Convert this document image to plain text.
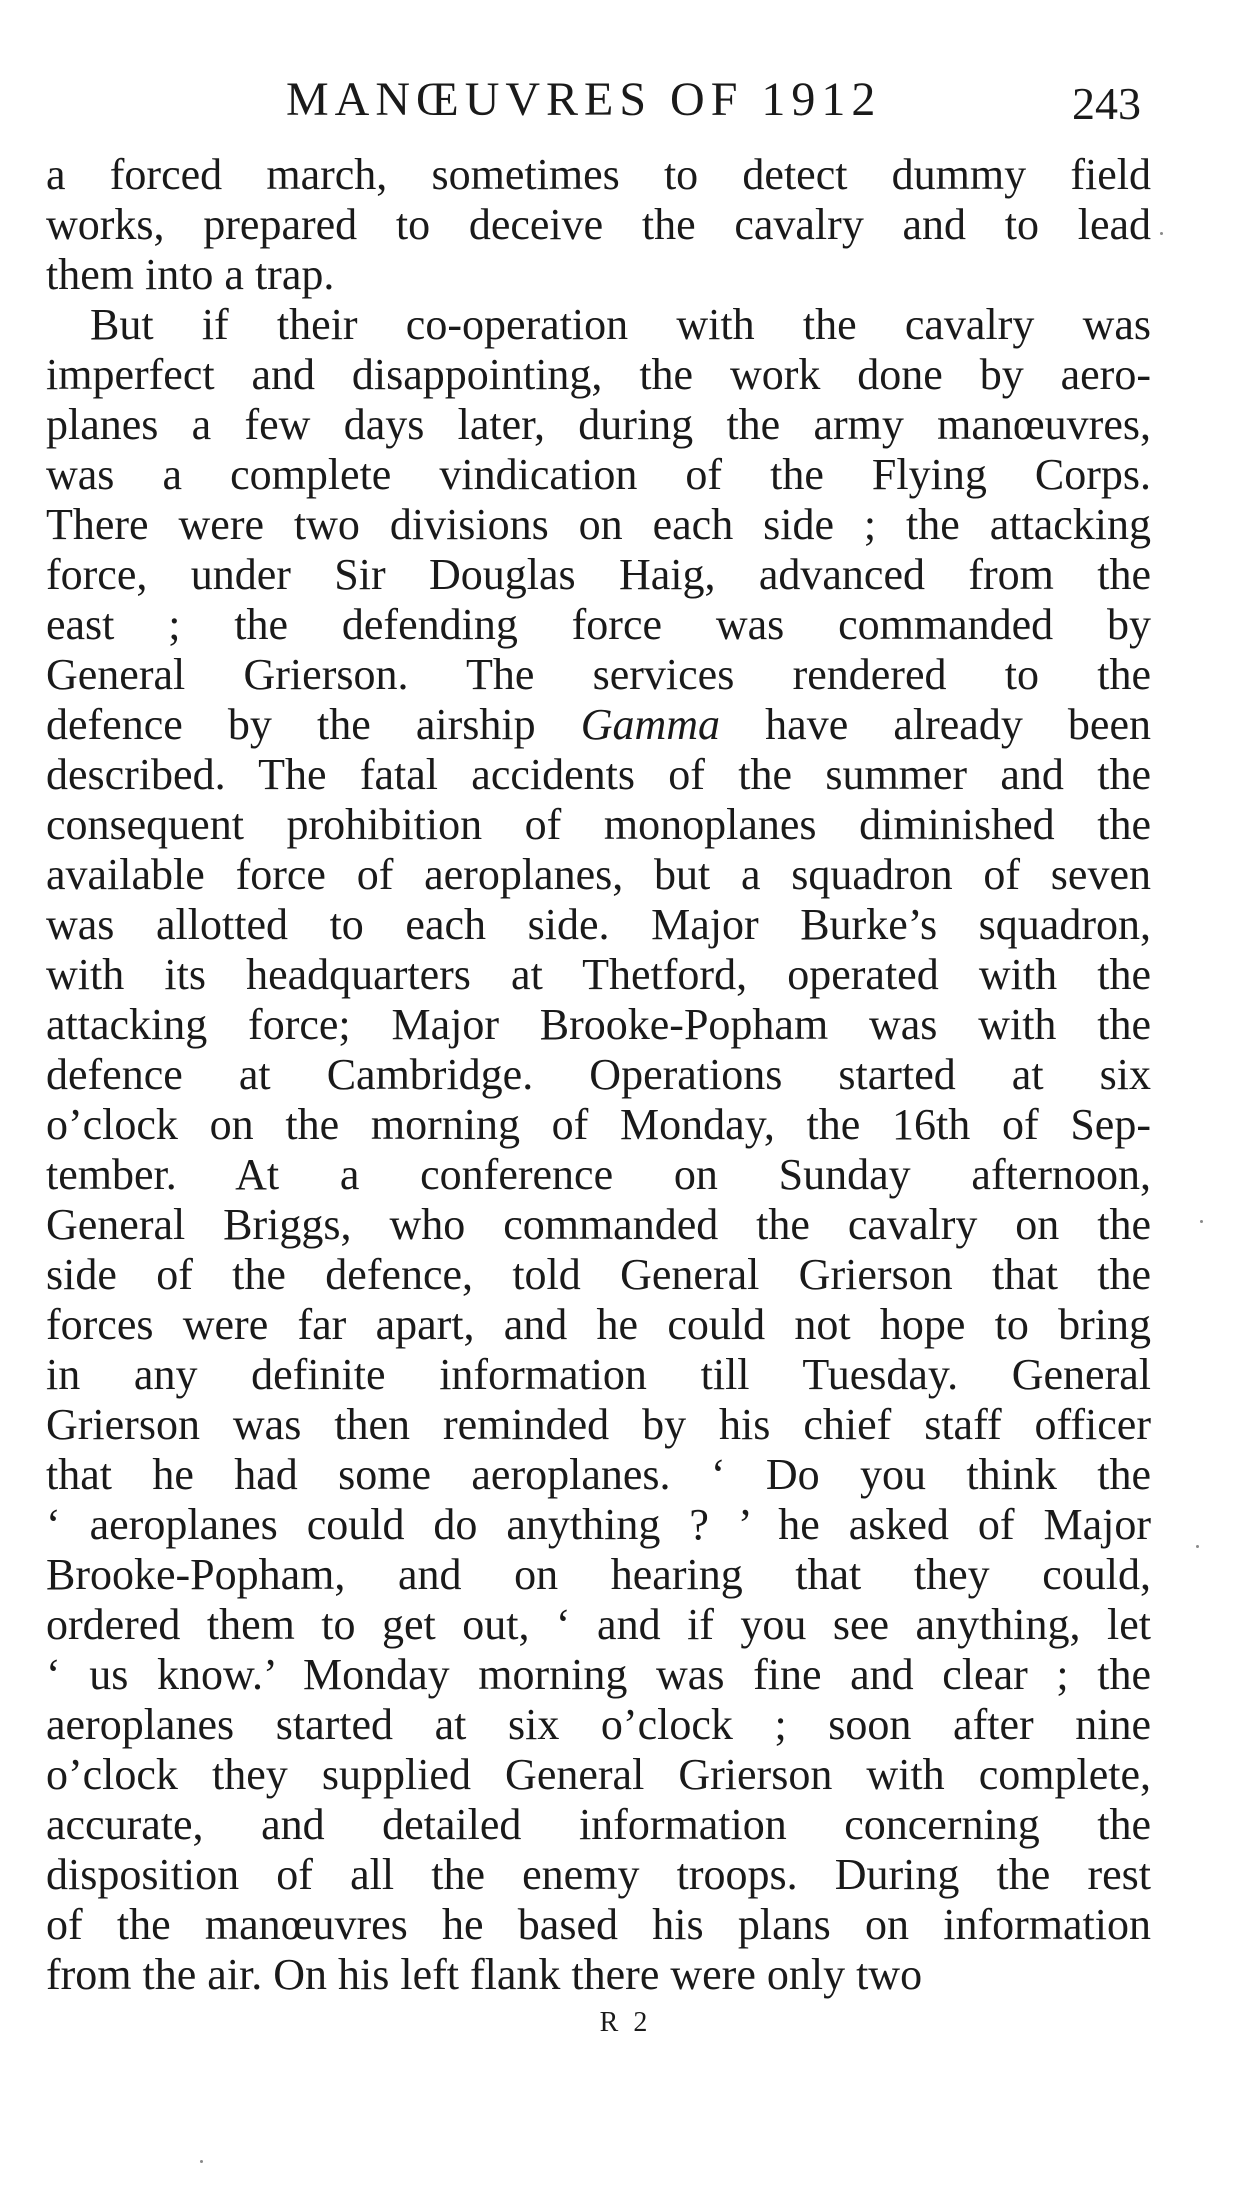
MANŒUVRES OF 1912	243
a forced march, sometimes to detect dummy field
works, prepared to deceive the cavalry and to lead
them into a trap.
But if their co-operation with the cavalry was
imperfect and disappointing, the work done by aero-
planes a few days later, during the army manœuvres,
was a complete vindication of the Flying Corps.
There were two divisions on each side ; the attacking
force, under Sir Douglas Haig, advanced from the
east ; the defending force was commanded by
General Grierson. The services rendered to the
defence by the airship Gamma have already been
described. The fatal accidents of the summer and the
consequent prohibition of monoplanes diminished the
available force of aeroplanes, but a squadron of seven
was allotted to each side. Major Burke’s squadron,
with its headquarters at Thetford, operated with the
attacking force; Major Brooke-Popham was with the
defence at Cambridge. Operations started at six
o’clock on the morning of Monday, the 16th of Sep-
tember. At a conference on Sunday afternoon,
General Briggs, who commanded the cavalry on the
side of the defence, told General Grierson that the
forces were far apart, and he could not hope to bring
in any definite information till Tuesday. General
Grierson was then reminded by his chief staff officer
that he had some aeroplanes. ‘ Do you think the
‘ aeroplanes could do anything ? ’ he asked of Major
Brooke-Popham, and on hearing that they could,
ordered them to get out, ‘ and if you see anything, let
‘ us know.’ Monday morning was fine and clear ; the
aeroplanes started at six o’clock ; soon after nine
o’clock they supplied General Grierson with complete,
accurate, and detailed information concerning the
disposition of all the enemy troops. During the rest
of the manœuvres he based his plans on information
from the air. On his left flank there were only two
R 2
